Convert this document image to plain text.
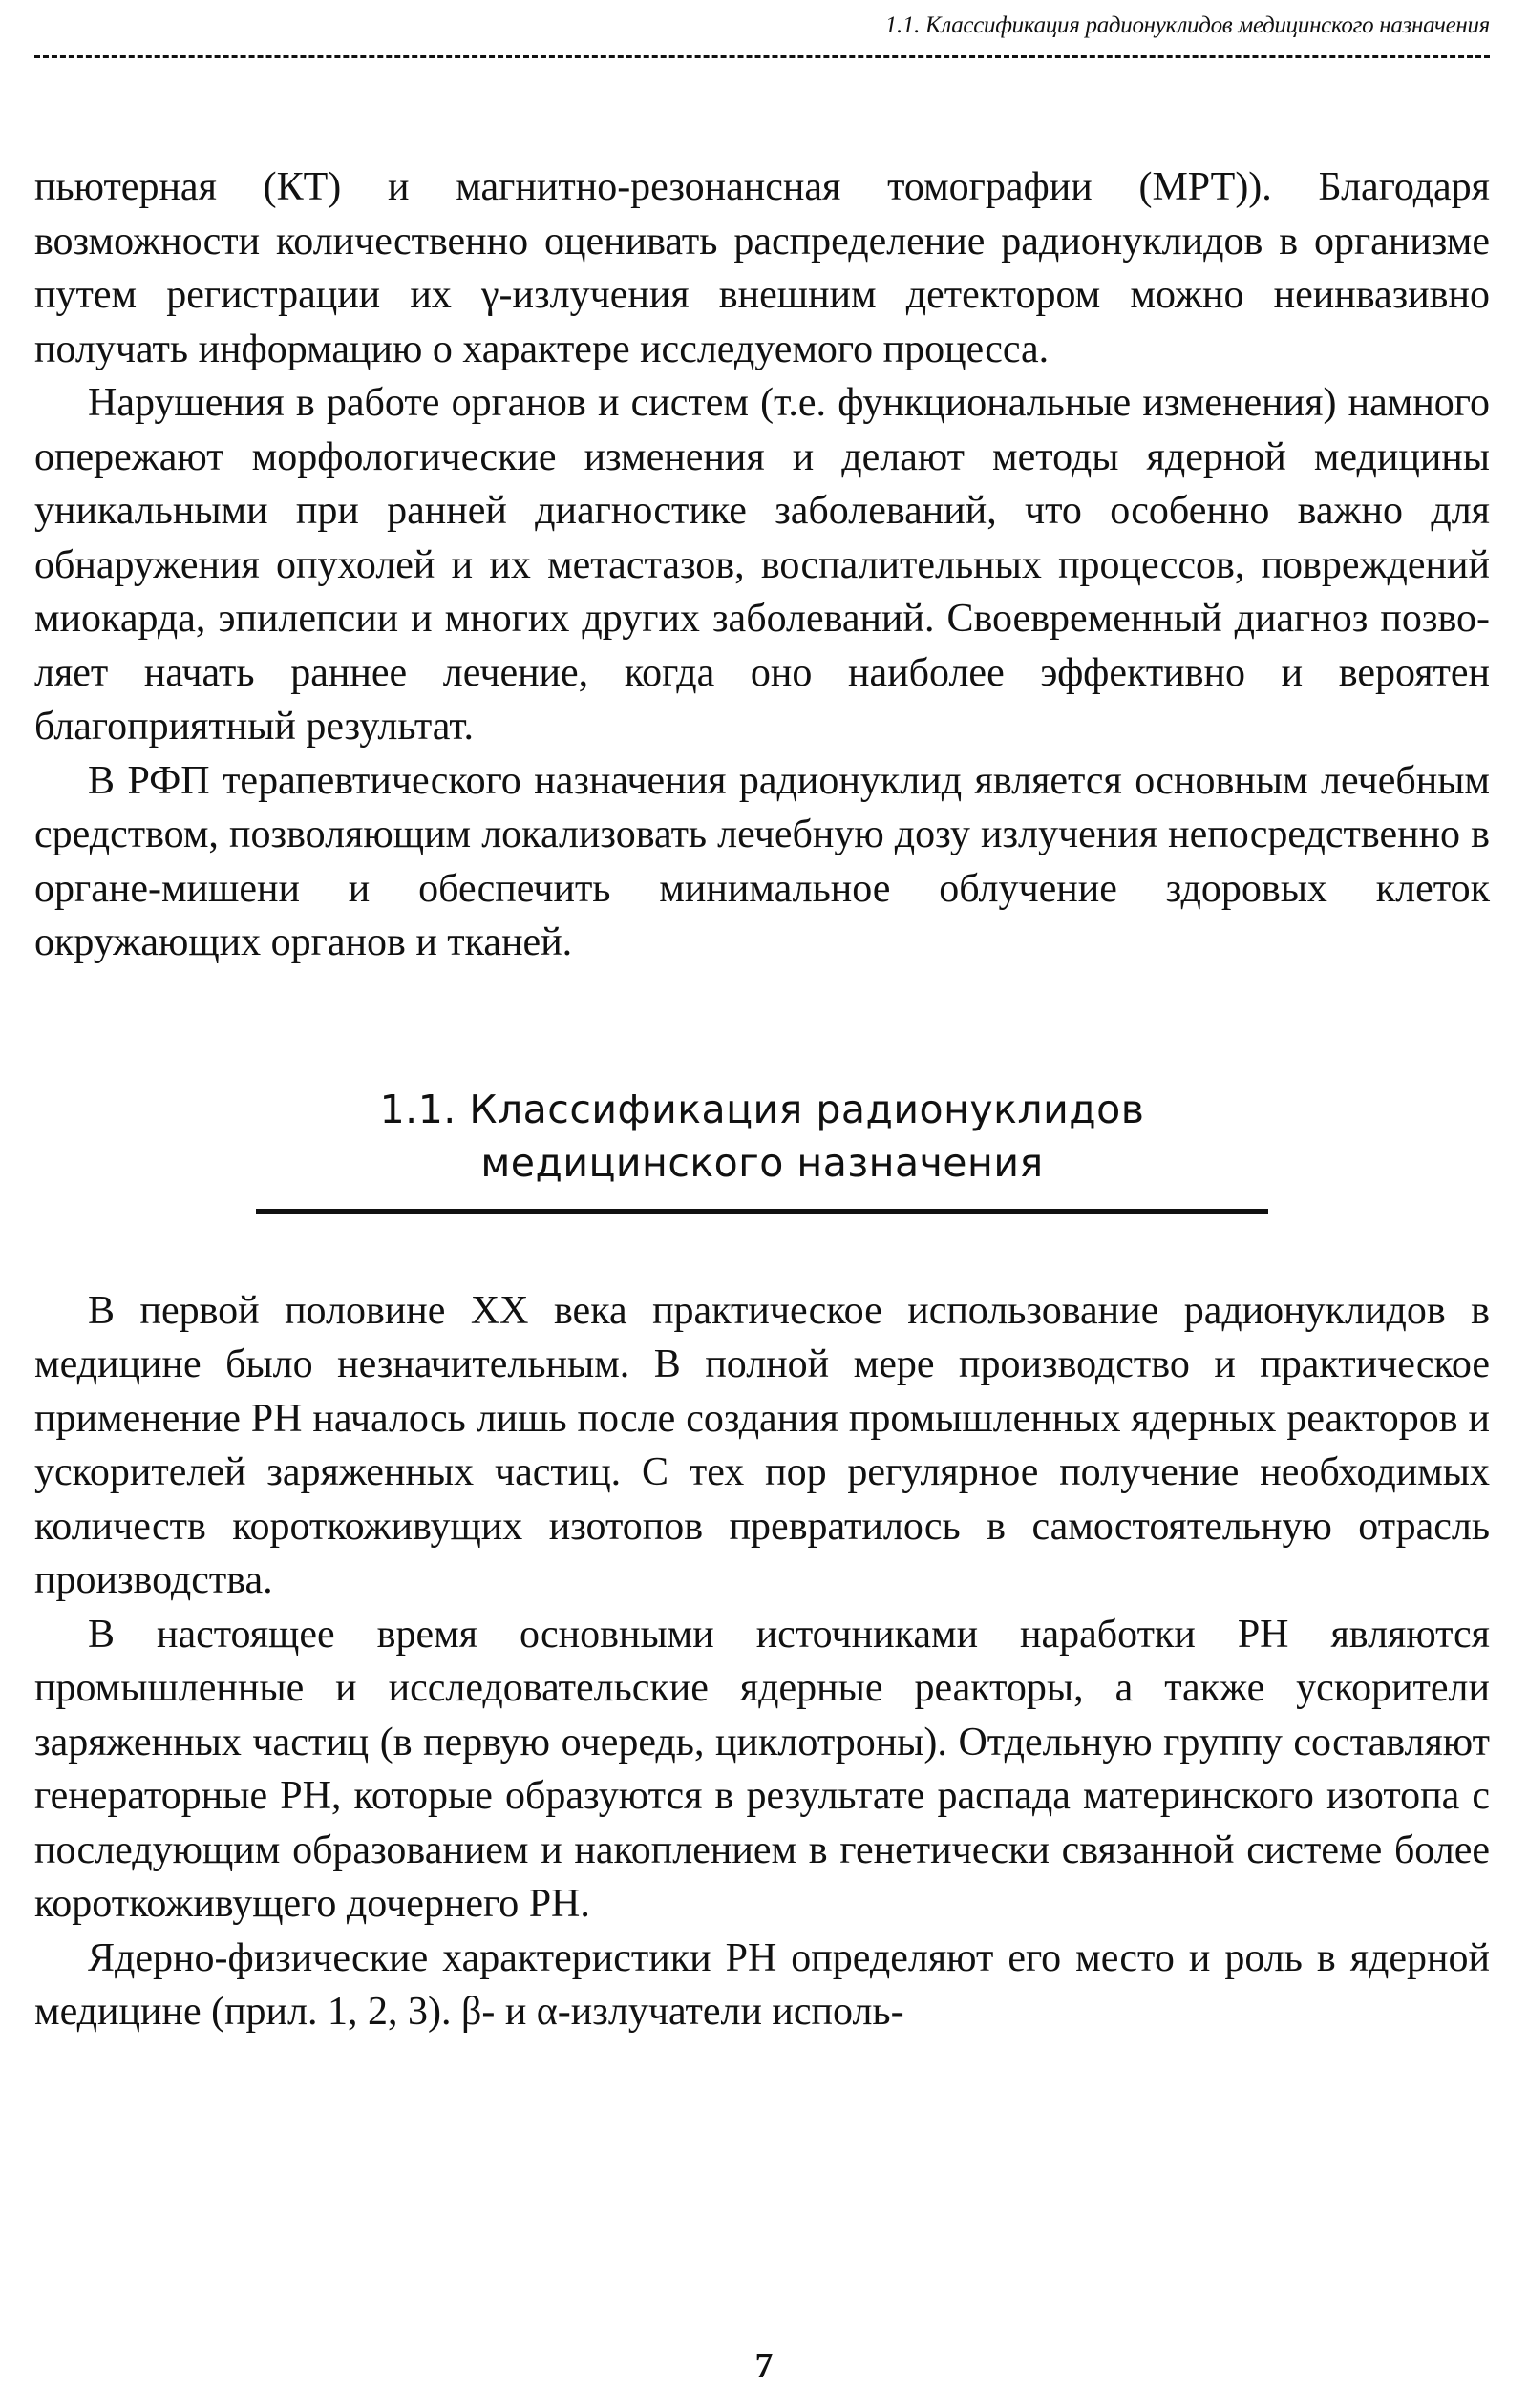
1.1. Классификация радионуклидов медицинского назначения

пьютерная (КТ) и магнитно-резонансная томографии (МРТ)). Благодаря возможности количественно оценивать распределение радионуклидов в организме путем регистрации их γ-излучения внешним детектором можно неинвазивно получать информацию о характере исследуемого процесса.

Нарушения в работе органов и систем (т.е. функциональные изменения) намного опережают морфологические изменения и делают методы ядерной медицины уникальными при ранней диагностике заболеваний, что особенно важно для обнаружения опухолей и их метастазов, воспалительных процессов, повреждений миокарда, эпилепсии и многих других заболеваний. Своевременный диагноз позволяет начать раннее лечение, когда оно наиболее эффективно и вероятен благоприятный результат.

В РФП терапевтического назначения радионуклид является основным лечебным средством, позволяющим локализовать лечебную дозу излучения непосредственно в органе-мишени и обеспечить минимальное облучение здоровых клеток окружающих органов и тканей.

1.1. Классификация радионуклидов
медицинского назначения

В первой половине XX века практическое использование радионуклидов в медицине было незначительным. В полной мере производство и практическое применение РН началось лишь после создания промышленных ядерных реакторов и ускорителей заряженных частиц. С тех пор регулярное получение необходимых количеств короткоживущих изотопов превратилось в самостоятельную отрасль производства.

В настоящее время основными источниками наработки РН являются промышленные и исследовательские ядерные реакторы, а также ускорители заряженных частиц (в первую очередь, циклотроны). Отдельную группу составляют генераторные РН, которые образуются в результате распада материнского изотопа с последующим образованием и накоплением в генетически связанной системе более короткоживущего дочернего РН.

Ядерно-физические характеристики РН определяют его место и роль в ядерной медицине (прил. 1, 2, 3). β- и α-излучатели исполь-

7
